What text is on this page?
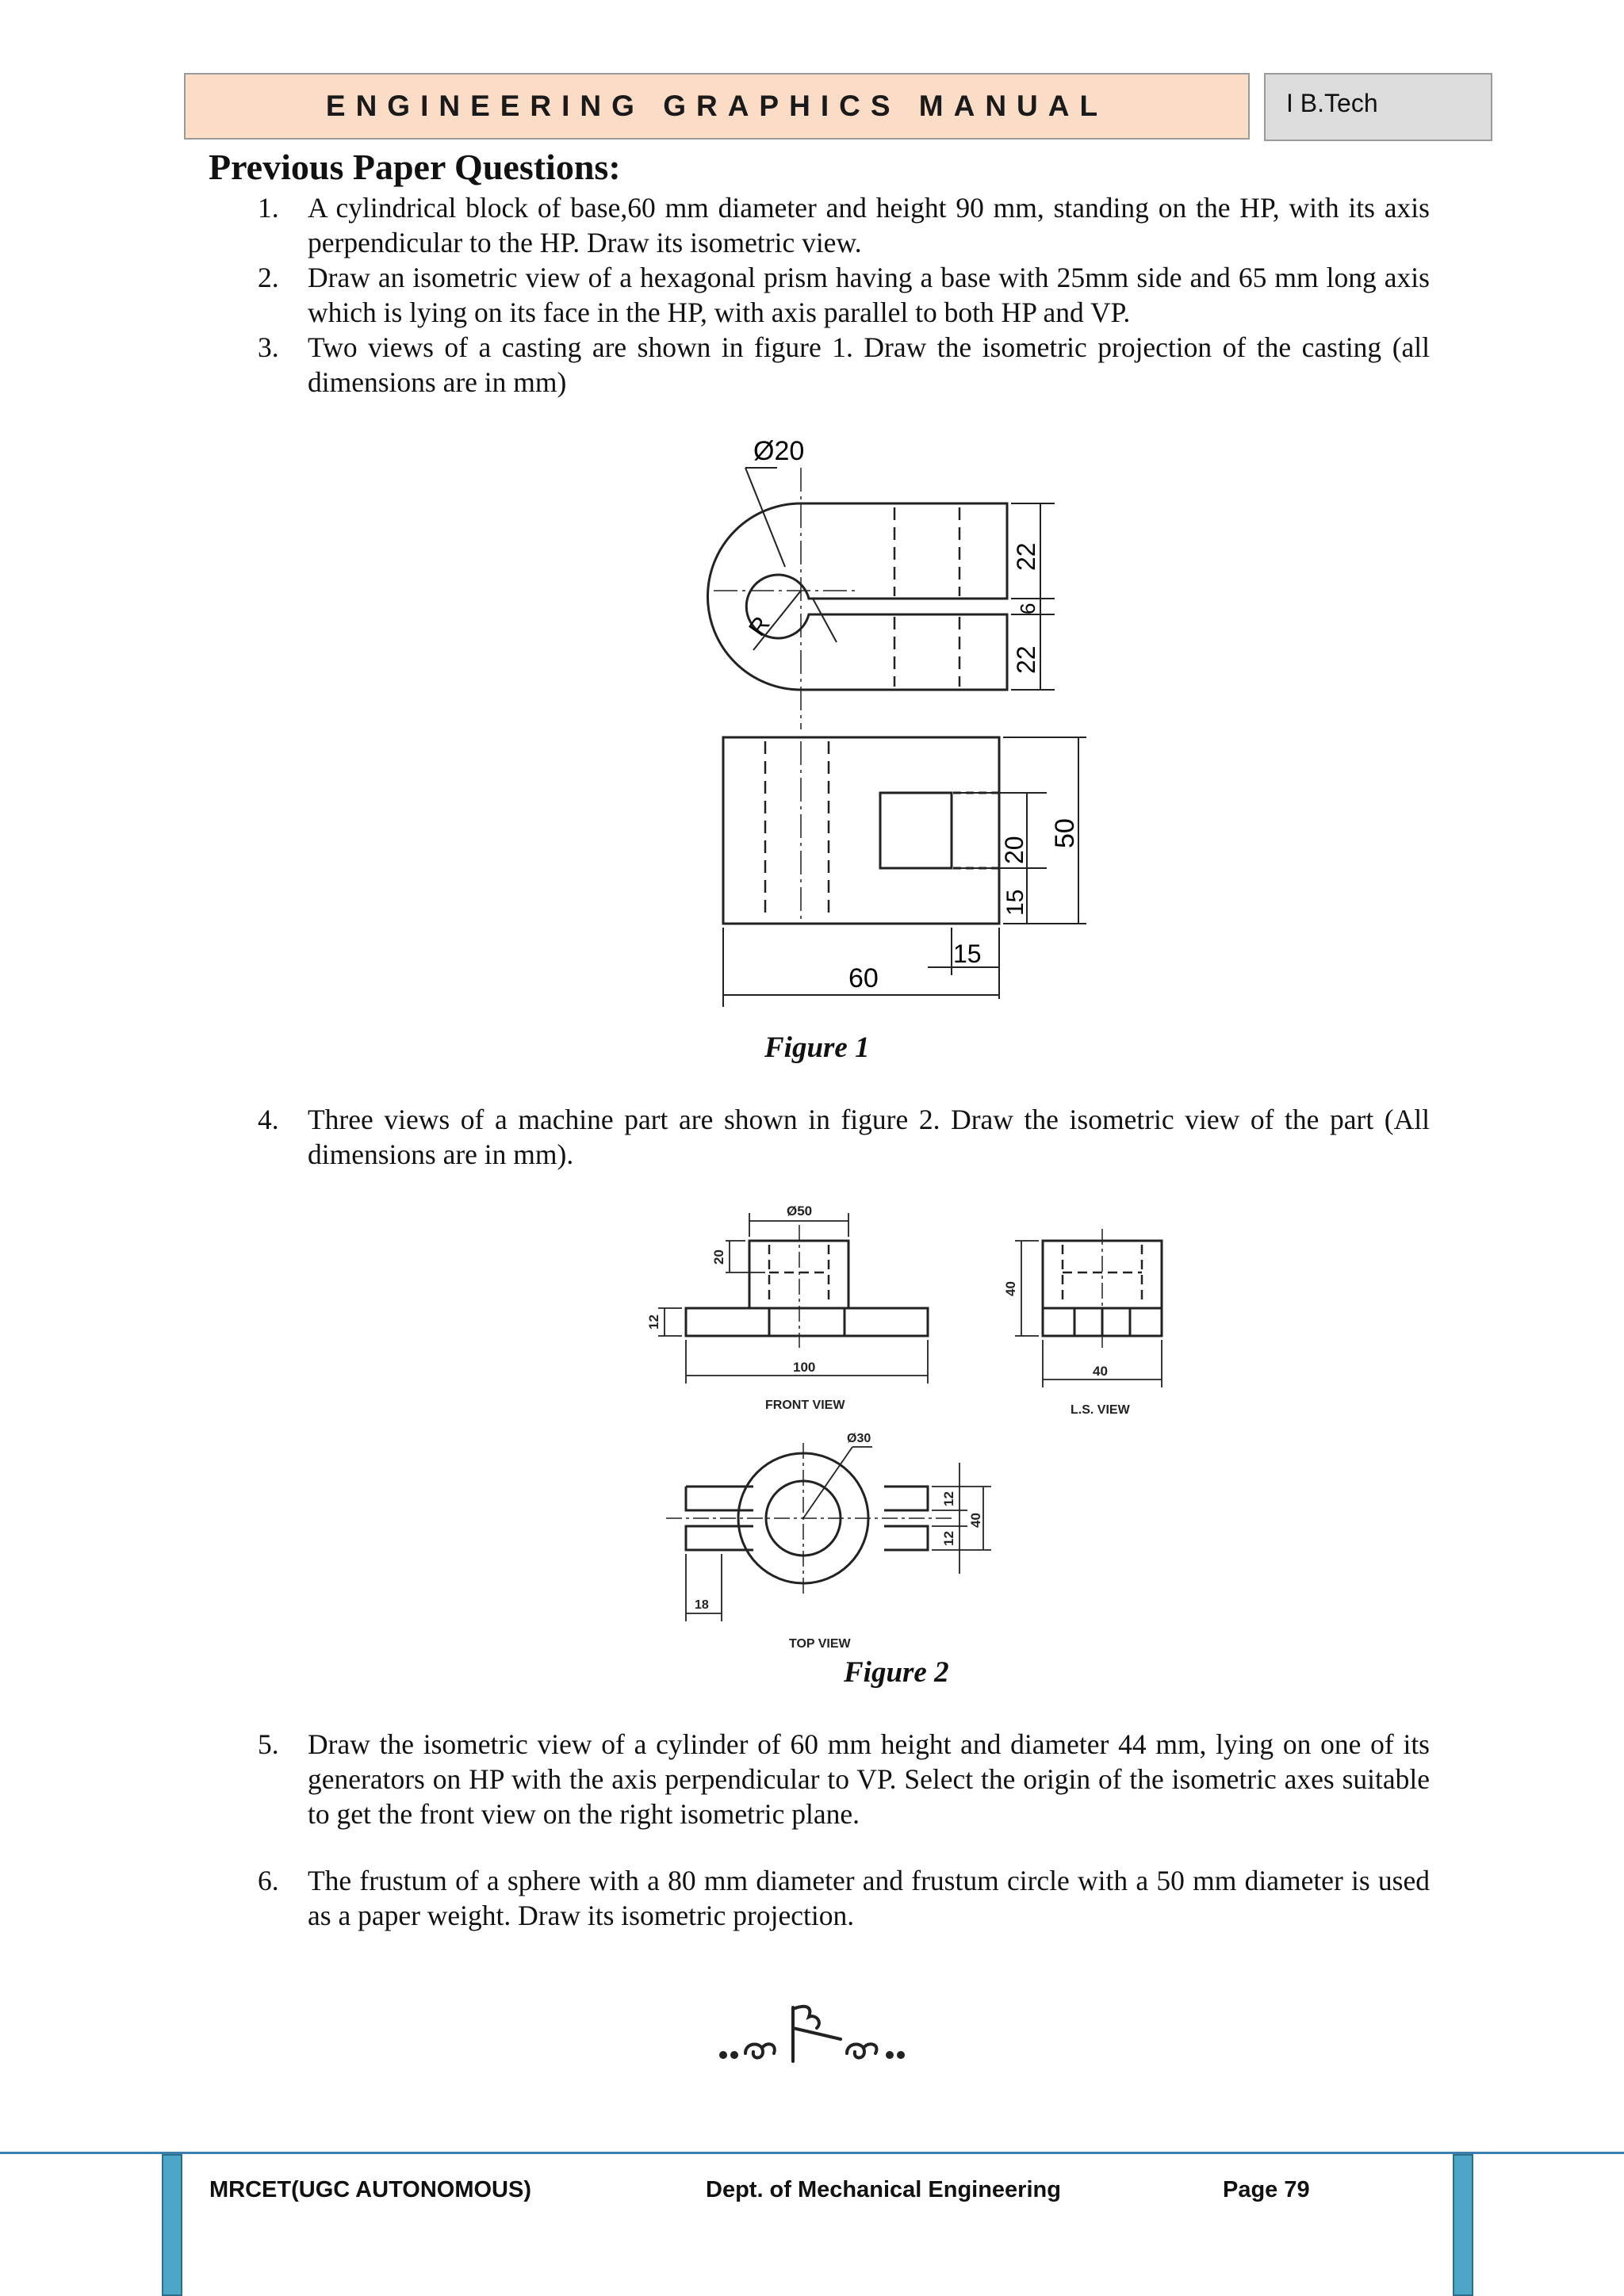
ENGINEERING GRAPHICS MANUAL	I B.Tech
Previous Paper Questions:
1.	A cylindrical block of base,60 mm diameter and height 90 mm, standing on the HP, with its axis perpendicular to the HP. Draw its isometric view.
2.	Draw an isometric view of a hexagonal prism having a base with 25mm side and 65 mm long axis which is lying on its face in the HP, with axis parallel to both HP and VP.
3.	Two views of a casting are shown in figure 1. Draw the isometric projection of the casting (all dimensions are in mm)
Ø20
R
22
6
22
20
50
15
15
60
Figure 1
4.	Three views of a machine part are shown in figure 2. Draw the isometric view of the part (All dimensions are in mm).
Ø50
20
12
100
FRONT VIEW
40
40
L.S. VIEW
Ø30
12
40
12
18
TOP VIEW
Figure 2
5.	Draw the isometric view of a cylinder of 60 mm height and diameter 44 mm, lying on one of its generators on HP with the axis perpendicular to VP. Select the origin of the isometric axes suitable to get the front view on the right isometric plane.
6.	The frustum of a sphere with a 80 mm diameter and frustum circle with a 50 mm diameter is used as a paper weight. Draw its isometric projection.
MRCET(UGC AUTONOMOUS)	Dept. of Mechanical Engineering	Page 79
